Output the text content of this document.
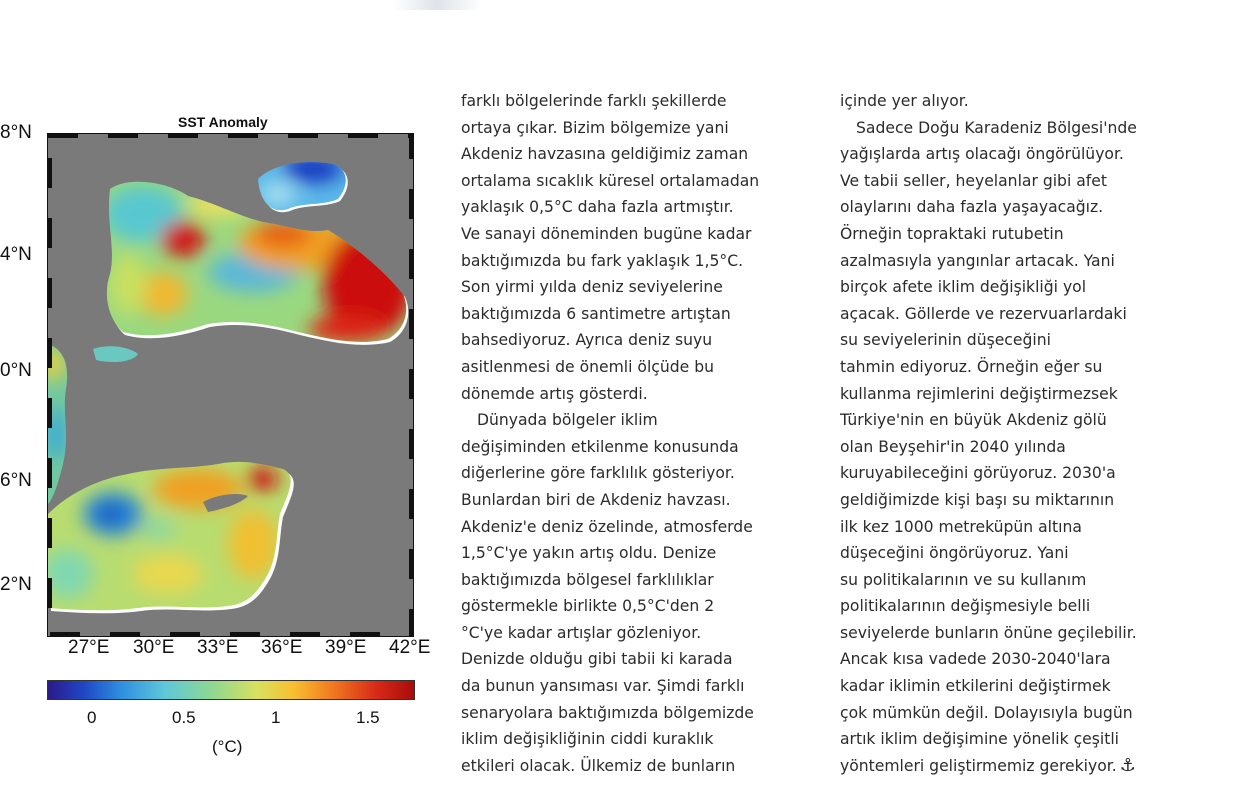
SST Anomaly
8°N
4°N
0°N
6°N
2°N
27°E 30°E 33°E 36°E 39°E 42°E
0	0.5	1	1.5
(°C)
farklı bölgelerinde farklı şekillerde
ortaya çıkar. Bizim bölgemize yani
Akdeniz havzasına geldiğimiz zaman
ortalama sıcaklık küresel ortalamadan
yaklaşık 0,5°C daha fazla artmıştır.
Ve sanayi döneminden bugüne kadar
baktığımızda bu fark yaklaşık 1,5°C.
Son yirmi yılda deniz seviyelerine
baktığımızda 6 santimetre artıştan
bahsediyoruz. Ayrıca deniz suyu
asitlenmesi de önemli ölçüde bu
dönemde artış gösterdi.
Dünyada bölgeler iklim
değişiminden etkilenme konusunda
diğerlerine göre farklılık gösteriyor.
Bunlardan biri de Akdeniz havzası.
Akdeniz'e deniz özelinde, atmosferde
1,5°C'ye yakın artış oldu. Denize
baktığımızda bölgesel farklılıklar
göstermekle birlikte 0,5°C'den 2
°C'ye kadar artışlar gözleniyor.
Denizde olduğu gibi tabii ki karada
da bunun yansıması var. Şimdi farklı
senaryolara baktığımızda bölgemizde
iklim değişikliğinin ciddi kuraklık
etkileri olacak. Ülkemiz de bunların
içinde yer alıyor.
Sadece Doğu Karadeniz Bölgesi'nde
yağışlarda artış olacağı öngörülüyor.
Ve tabii seller, heyelanlar gibi afet
olaylarını daha fazla yaşayacağız.
Örneğin topraktaki rutubetin
azalmasıyla yangınlar artacak. Yani
birçok afete iklim değişikliği yol
açacak. Göllerde ve rezervuarlardaki
su seviyelerinin düşeceğini
tahmin ediyoruz. Örneğin eğer su
kullanma rejimlerini değiştirmezsek
Türkiye'nin en büyük Akdeniz gölü
olan Beyşehir'in 2040 yılında
kuruyabileceğini görüyoruz. 2030'a
geldiğimizde kişi başı su miktarının
ilk kez 1000 metreküpün altına
düşeceğini öngörüyoruz. Yani
su politikalarının ve su kullanım
politikalarının değişmesiyle belli
seviyelerde bunların önüne geçilebilir.
Ancak kısa vadede 2030-2040'lara
kadar iklimin etkilerini değiştirmek
çok mümkün değil. Dolayısıyla bugün
artık iklim değişimine yönelik çeşitli
yöntemleri geliştirmemiz gerekiyor. ⚓
